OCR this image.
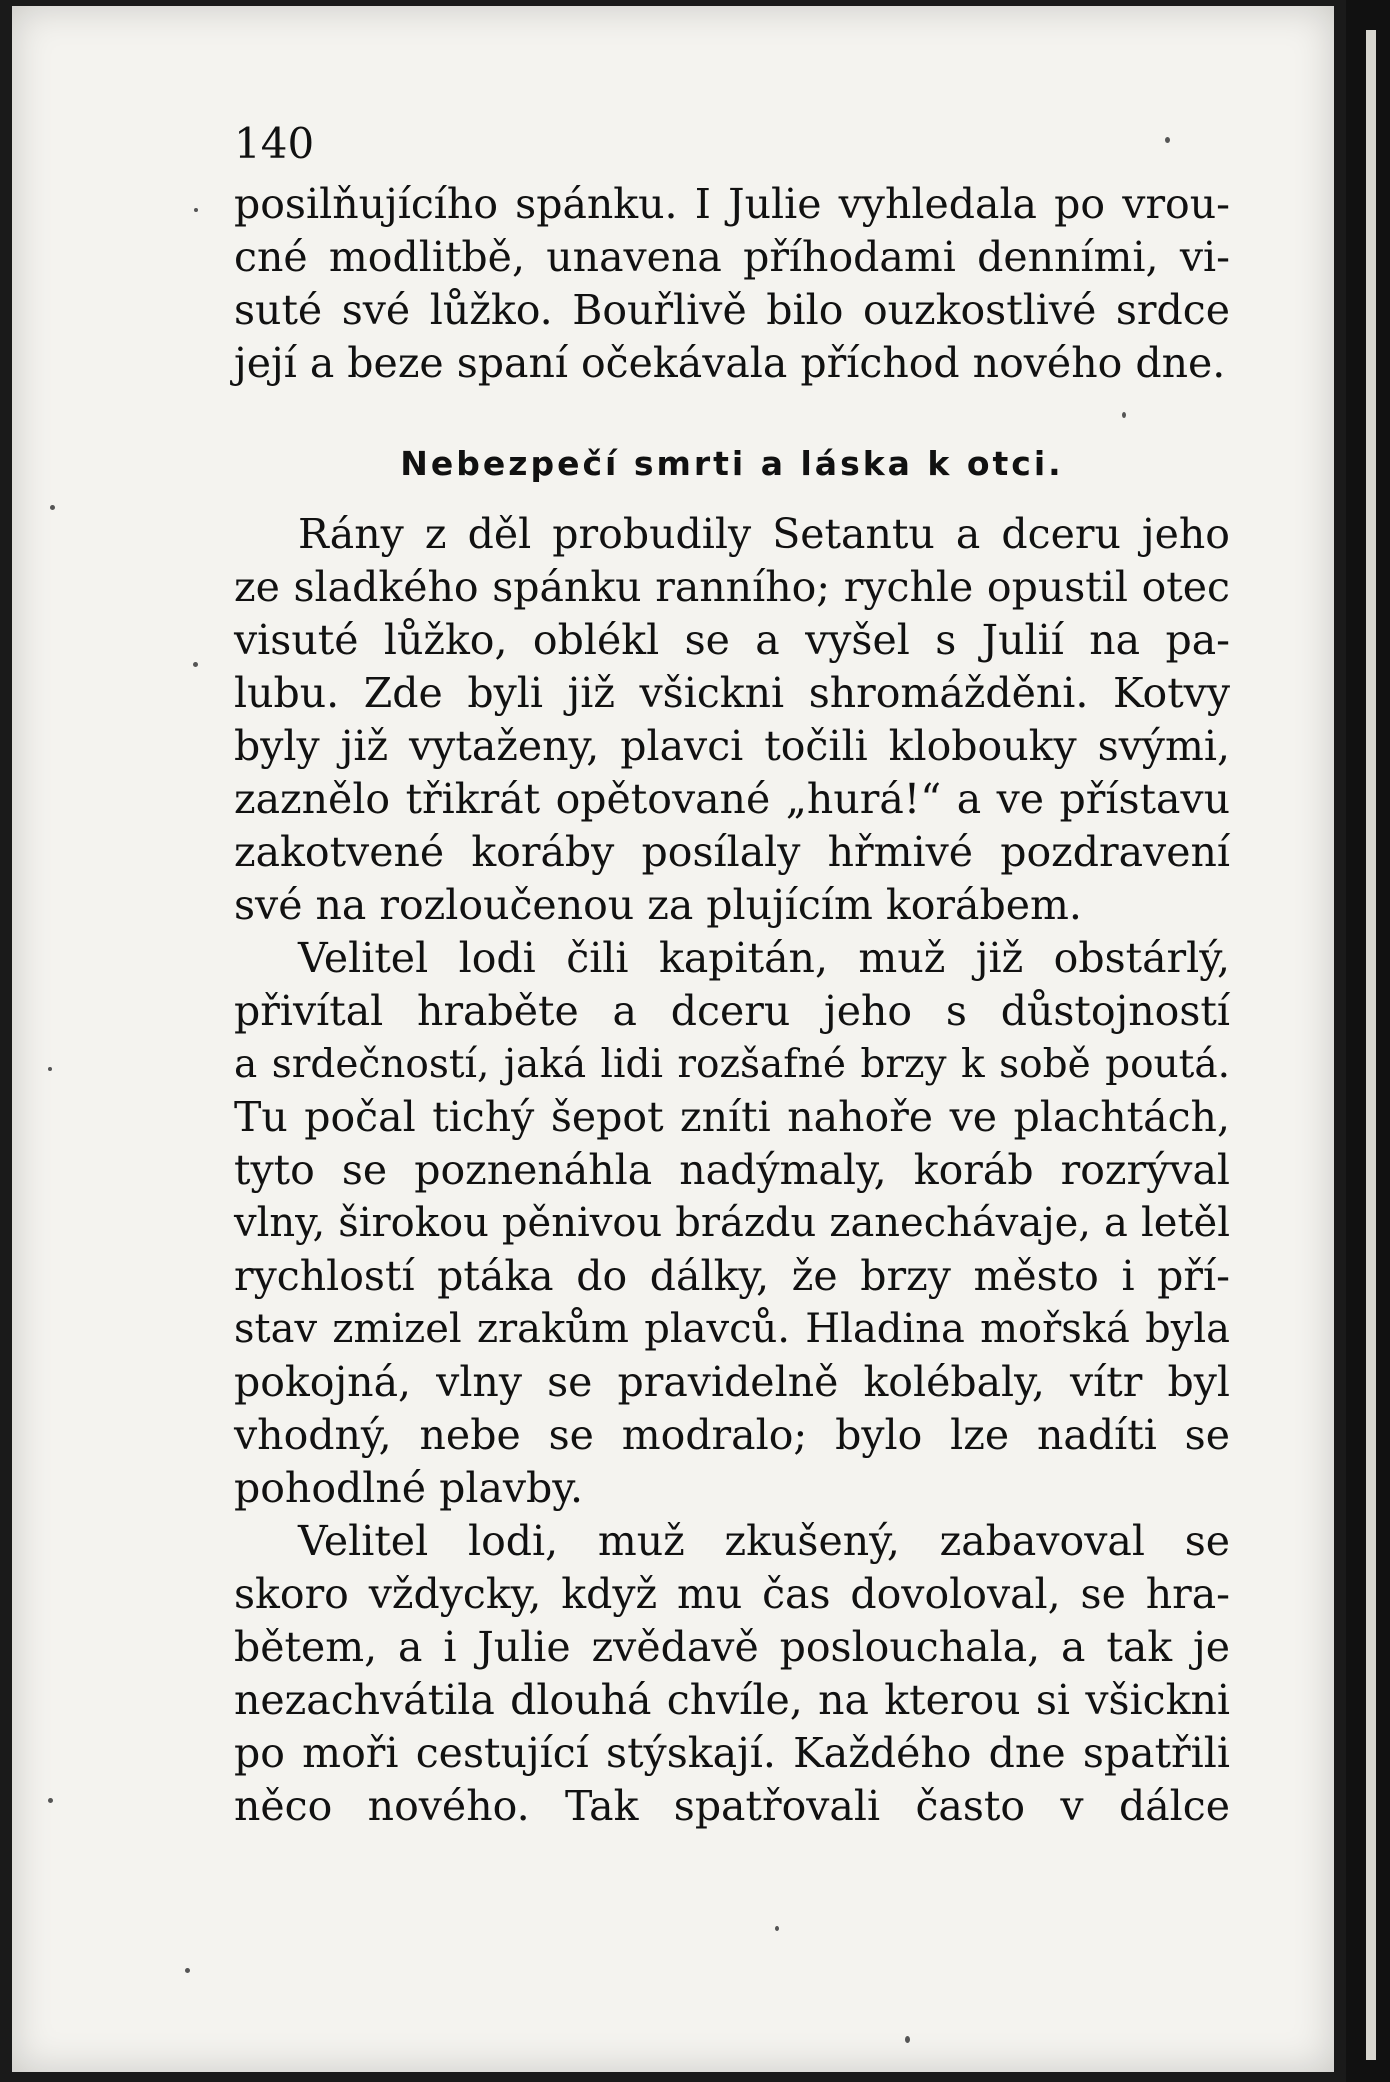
140
posilňujícího spánku. I Julie vyhledala po vrou-
cné modlitbě, unavena příhodami denními, vi-
suté své lůžko. Bouřlivě bilo ouzkostlivé srdce
její a beze spaní očekávala příchod nového dne.
Nebezpečí smrti a láska k otci.
Rány z děl probudily Setantu a dceru jeho
ze sladkého spánku ranního; rychle opustil otec
visuté lůžko, oblékl se a vyšel s Julií na pa-
lubu. Zde byli již všickni shromážděni. Kotvy
byly již vytaženy, plavci točili klobouky svými,
zaznělo třikrát opětované „hurá!“ a ve přístavu
zakotvené koráby posílaly hřmivé pozdravení
své na rozloučenou za plujícím korábem.
Velitel lodi čili kapitán, muž již obstárlý,
přivítal hraběte a dceru jeho s důstojností
a srdečností, jaká lidi rozšafné brzy k sobě poutá.
Tu počal tichý šepot zníti nahoře ve plachtách,
tyto se poznenáhla nadýmaly, koráb rozrýval
vlny, širokou pěnivou brázdu zanechávaje, a letěl
rychlostí ptáka do dálky, že brzy město i pří-
stav zmizel zrakům plavců. Hladina mořská byla
pokojná, vlny se pravidelně kolébaly, vítr byl
vhodný, nebe se modralo; bylo lze nadíti se
pohodlné plavby.
Velitel lodi, muž zkušený, zabavoval se
skoro vždycky, když mu čas dovoloval, se hra-
bětem, a i Julie zvědavě poslouchala, a tak je
nezachvátila dlouhá chvíle, na kterou si všickni
po moři cestující stýskají. Každého dne spatřili
něco nového. Tak spatřovali často v dálce
